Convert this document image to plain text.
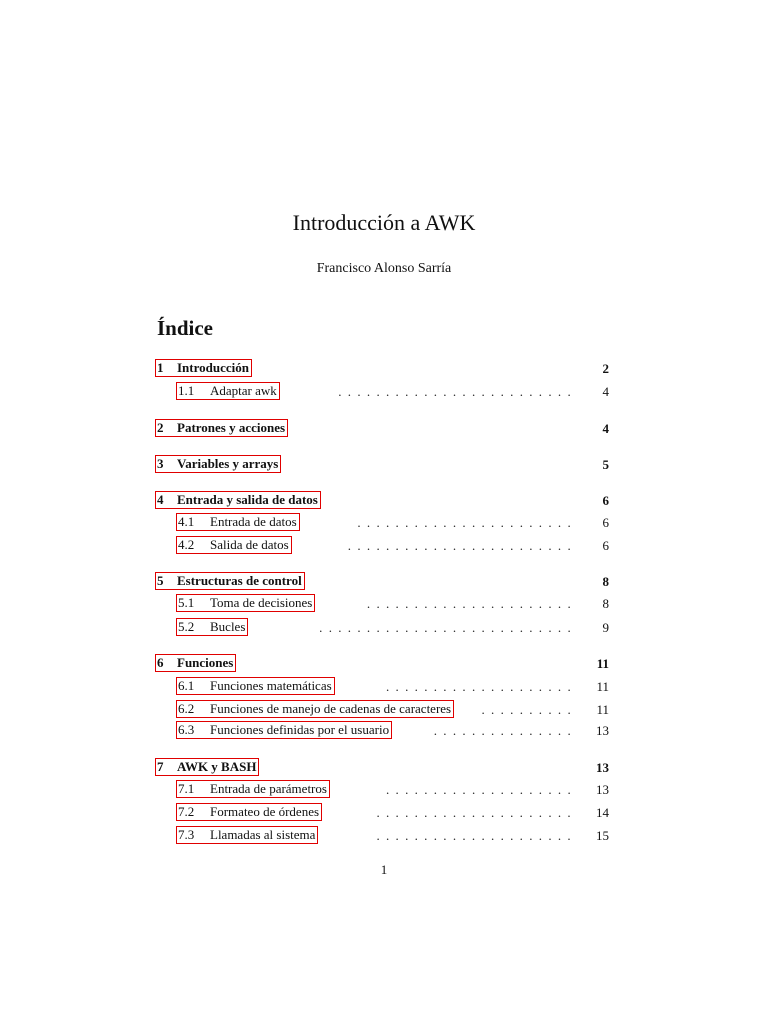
Introducción a AWK
Francisco Alonso Sarría
Índice
1 Introducción	2
1.1 Adaptar awk	.........................	4
2 Patrones y acciones	4
3 Variables y arrays	5
4 Entrada y salida de datos	6
4.1 Entrada de datos	.......................	6
4.2 Salida de datos	........................	6
5 Estructuras de control	8
5.1 Toma de decisiones	......................	8
5.2 Bucles	...........................	9
6 Funciones	11
6.1 Funciones matemáticas	....................	11
6.2 Funciones de manejo de cadenas de caracteres	..........	11
6.3 Funciones definidas por el usuario	...............	13
7 AWK y BASH	13
7.1 Entrada de parámetros	....................	13
7.2 Formateo de órdenes	.....................	14
7.3 Llamadas al sistema	.....................	15
1
